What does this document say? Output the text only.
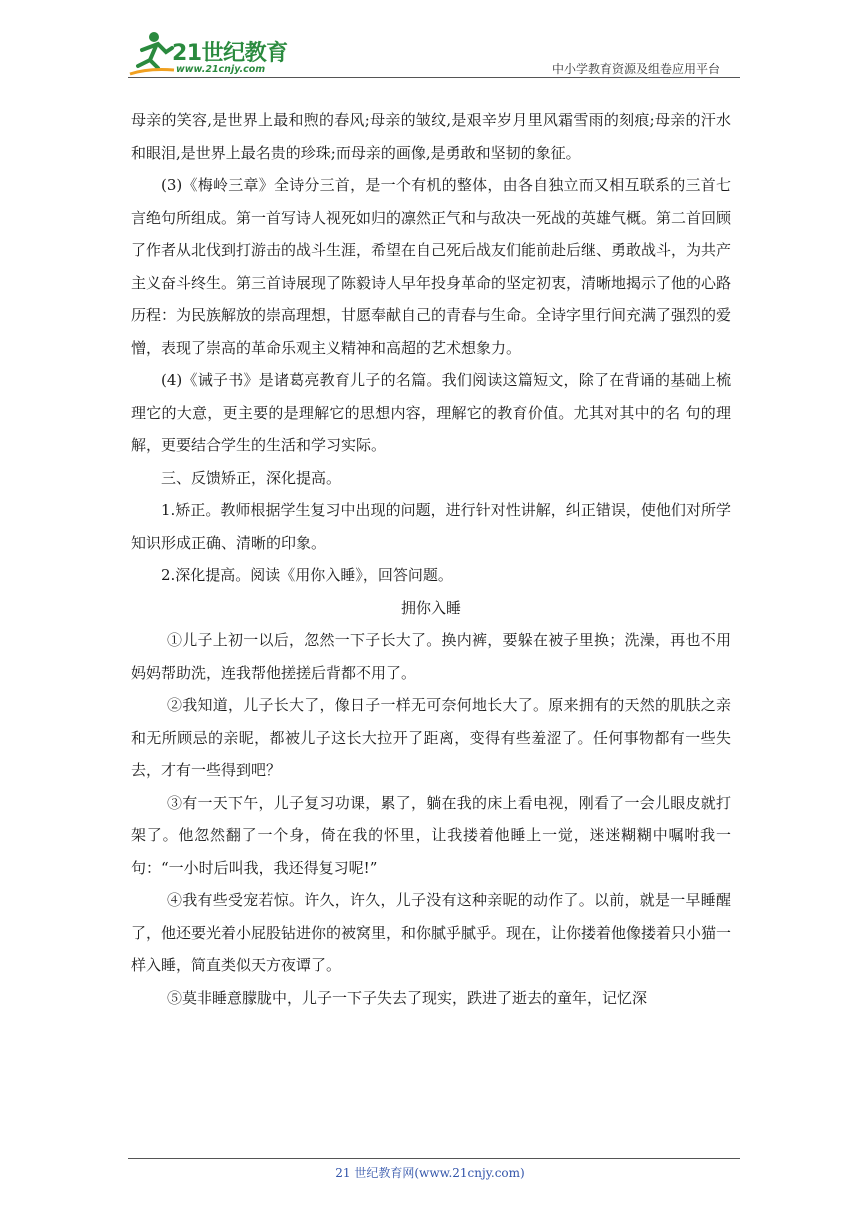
21世纪教育
www.21cnjy.com	中小学教育资源及组卷应用平台

母亲的笑容,是世界上最和煦的春风;母亲的皱纹,是艰辛岁月里风霜雪雨的刻痕;母亲的汗水和眼泪,是世界上最名贵的珍珠;而母亲的画像,是勇敢和坚韧的象征。

(3)《梅岭三章》全诗分三首，是一个有机的整体，由各自独立而又相互联系的三首七言绝句所组成。第一首写诗人视死如归的凛然正气和与敌决一死战的英雄气概。第二首回顾了作者从北伐到打游击的战斗生涯，希望在自己死后战友们能前赴后继、勇敢战斗，为共产主义奋斗终生。第三首诗展现了陈毅诗人早年投身革命的坚定初衷，清晰地揭示了他的心路历程：为民族解放的崇高理想，甘愿奉献自己的青春与生命。全诗字里行间充满了强烈的爱憎，表现了崇高的革命乐观主义精神和高超的艺术想象力。

(4)《诫子书》是诸葛亮教育儿子的名篇。我们阅读这篇短文，除了在背诵的基础上梳理它的大意，更主要的是理解它的思想内容，理解它的教育价值。尤其对其中的名 句的理解，更要结合学生的生活和学习实际。

三、反馈矫正，深化提高。

1.矫正。教师根据学生复习中出现的问题，进行针对性讲解，纠正错误，使他们对所学知识形成正确、清晰的印象。

2.深化提高。阅读《用你入睡》，回答问题。

拥你入睡

①儿子上初一以后，忽然一下子长大了。换内裤，要躲在被子里换；洗澡，再也不用妈妈帮助洗，连我帮他搓搓后背都不用了。

②我知道，儿子长大了，像日子一样无可奈何地长大了。原来拥有的天然的肌肤之亲和无所顾忌的亲昵，都被儿子这长大拉开了距离，变得有些羞涩了。任何事物都有一些失去，才有一些得到吧？

③有一天下午，儿子复习功课，累了，躺在我的床上看电视，刚看了一会儿眼皮就打架了。他忽然翻了一个身，倚在我的怀里，让我搂着他睡上一觉，迷迷糊糊中嘱咐我一句：“一小时后叫我，我还得复习呢!”

④我有些受宠若惊。许久，许久，儿子没有这种亲昵的动作了。以前，就是一早睡醒了，他还要光着小屁股钻进你的被窝里，和你腻乎腻乎。现在，让你搂着他像搂着只小猫一样入睡，简直类似天方夜谭了。

⑤莫非睡意朦胧中，儿子一下子失去了现实，跌进了逝去的童年，记忆深

21 世纪教育网(www.21cnjy.com)
